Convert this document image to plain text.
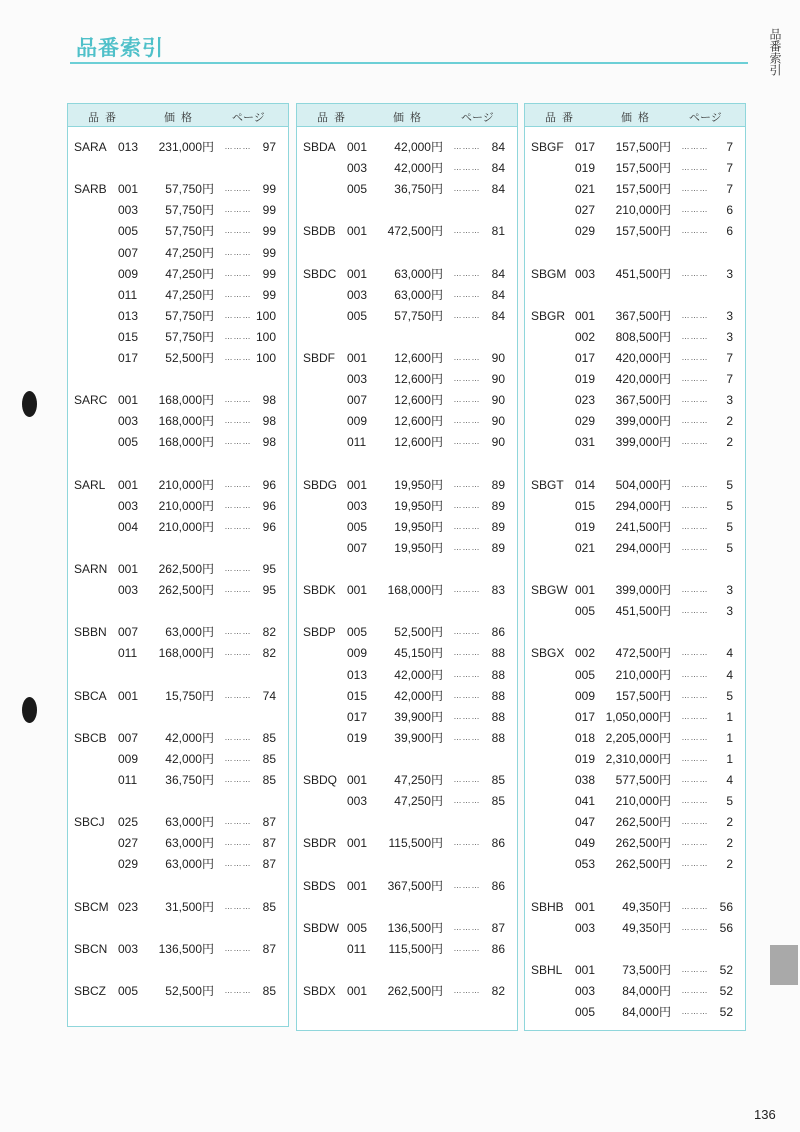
品番索引	品番索引
品番	価格	ページ
SARA 013 231,000円	……… 97
SARB 001 57,750円	……… 99
003 57,750円	……… 99
005 57,750円	……… 99
007 47,250円	……… 99
009 47,250円	……… 99
011 47,250円	……… 99
013 57,750円	……… 100
015 57,750円	……… 100
017 52,500円	……… 100
SARC 001 168,000円	……… 98
003 168,000円	……… 98
005 168,000円	……… 98
SARL 001 210,000円	……… 96
003 210,000円	……… 96
004 210,000円	……… 96
SARN 001 262,500円	……… 95
003 262,500円	……… 95
SBBN 007 63,000円	……… 82
011 168,000円	……… 82
SBCA 001 15,750円	……… 74
SBCB 007 42,000円	……… 85
009 42,000円	……… 85
011 36,750円	……… 85
SBCJ 025 63,000円	……… 87
027 63,000円	……… 87
029 63,000円	……… 87
SBCM 023 31,500円	……… 85
SBCN 003 136,500円	……… 87
SBCZ 005 52,500円	……… 85
品番	価格	ページ
SBDA 001 42,000円	……… 84
003 42,000円	……… 84
005 36,750円	……… 84
SBDB 001 472,500円	……… 81
SBDC 001 63,000円	……… 84
003 63,000円	……… 84
005 57,750円	……… 84
SBDF 001 12,600円	……… 90
003 12,600円	……… 90
007 12,600円	……… 90
009 12,600円	……… 90
011 12,600円	……… 90
SBDG 001 19,950円	……… 89
003 19,950円	……… 89
005 19,950円	……… 89
007 19,950円	……… 89
SBDK 001 168,000円	……… 83
SBDP 005 52,500円	……… 86
009 45,150円	……… 88
013 42,000円	……… 88
015 42,000円	……… 88
017 39,900円	……… 88
019 39,900円	……… 88
SBDQ 001 47,250円	……… 85
003 47,250円	……… 85
SBDR 001 115,500円	……… 86
SBDS 001 367,500円	……… 86
SBDW 005 136,500円	……… 87
011 115,500円	……… 86
SBDX 001 262,500円	……… 82
品番	価格	ページ
SBGF 017 157,500円	………	7
019 157,500円	………	7
021 157,500円	………	7
027 210,000円	………	6
029 157,500円	………	6
SBGM 003 451,500円	………	3
SBGR 001 367,500円	………	3
002 808,500円	………	3
017 420,000円	………	7
019 420,000円	………	7
023 367,500円	………	3
029 399,000円	………	2
031 399,000円	………	2
SBGT 014 504,000円	………	5
015 294,000円	………	5
019 241,500円	………	5
021 294,000円	………	5
SBGW 001 399,000円	………	3
005 451,500円	………	3
SBGX 002 472,500円	………	4
005 210,000円	………	4
009 157,500円	………	5
017 1,050,000円	………	1
018 2,205,000円	………	1
019 2,310,000円	………	1
038 577,500円	………	4
041 210,000円	………	5
047 262,500円	………	2
049 262,500円	………	2
053 262,500円	………	2
SBHB 001 49,350円	……… 56
003 49,350円	……… 56
SBHL 001 73,500円	……… 52
003 84,000円	……… 52
005 84,000円	……… 52
136
